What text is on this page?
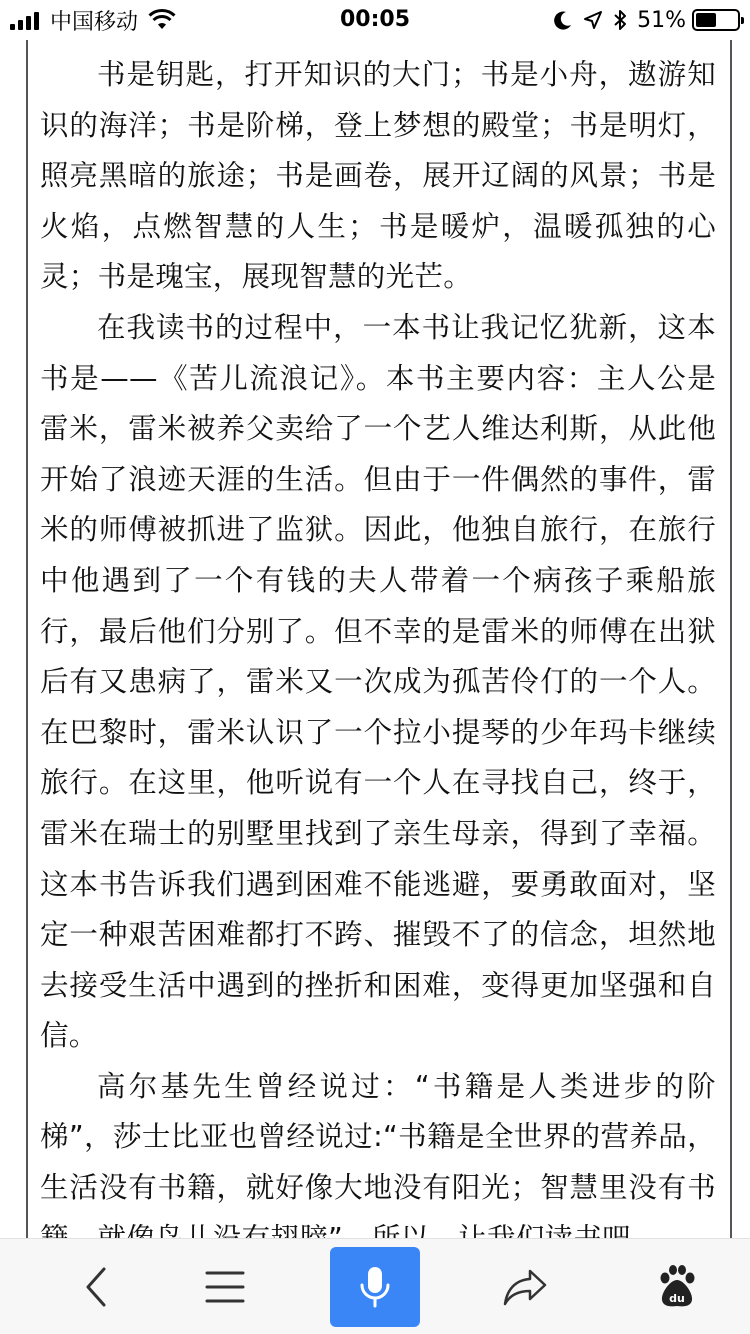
中国移动	00:05	51%

书是钥匙，打开知识的大门；书是小舟，遨游知识的海洋；书是阶梯，登上梦想的殿堂；书是明灯，照亮黑暗的旅途；书是画卷，展开辽阔的风景；书是火焰，点燃智慧的人生；书是暖炉，温暖孤独的心灵；书是瑰宝，展现智慧的光芒。

在我读书的过程中，一本书让我记忆犹新，这本书是——《苦儿流浪记》。本书主要内容：主人公是雷米，雷米被养父卖给了一个艺人维达利斯，从此他开始了浪迹天涯的生活。但由于一件偶然的事件，雷米的师傅被抓进了监狱。因此，他独自旅行，在旅行中他遇到了一个有钱的夫人带着一个病孩子乘船旅行，最后他们分别了。但不幸的是雷米的师傅在出狱后有又患病了，雷米又一次成为孤苦伶仃的一个人。在巴黎时，雷米认识了一个拉小提琴的少年玛卡继续旅行。在这里，他听说有一个人在寻找自己，终于，雷米在瑞士的别墅里找到了亲生母亲，得到了幸福。这本书告诉我们遇到困难不能逃避，要勇敢面对，坚定一种艰苦困难都打不跨、摧毁不了的信念，坦然地去接受生活中遇到的挫折和困难，变得更加坚强和自信。

高尔基先生曾经说过：“书籍是人类进步的阶梯”，莎士比亚也曾经说过:“书籍是全世界的营养品，生活没有书籍，就好像大地没有阳光；智慧里没有书

du
